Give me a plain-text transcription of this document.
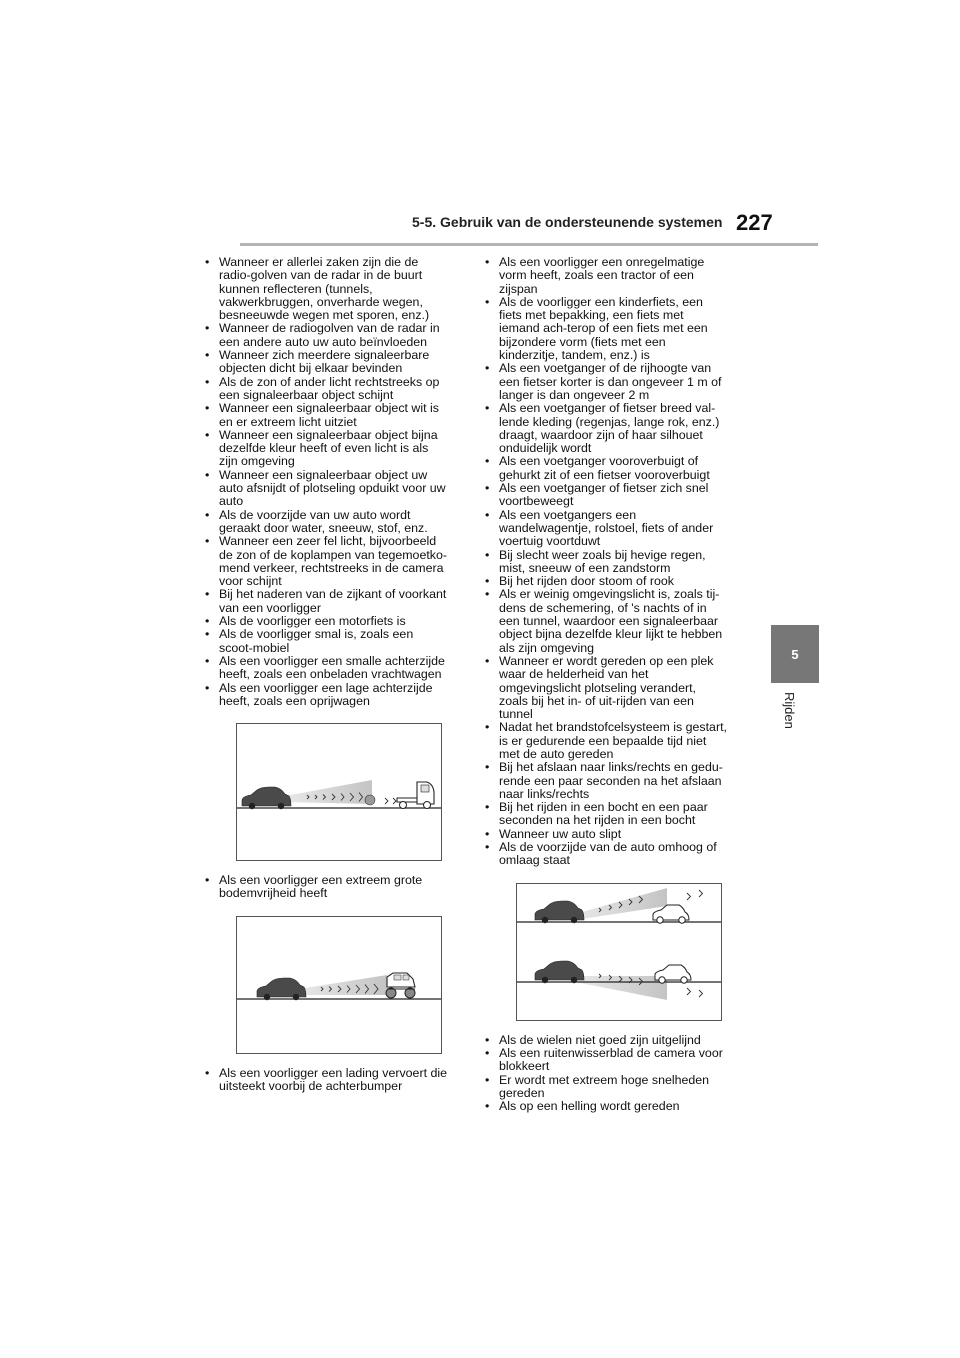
5-5. Gebruik van de ondersteunende systemen 227
5
Rijden
• Wanneer er allerlei zaken zijn die de radio-golven van de radar in de buurt kunnen reflecteren (tunnels, vakwerkbruggen, onverharde wegen, besneeuwde wegen met sporen, enz.)
• Wanneer de radiogolven van de radar in een andere auto uw auto beïnvloeden
• Wanneer zich meerdere signaleerbare objecten dicht bij elkaar bevinden
• Als de zon of ander licht rechtstreeks op een signaleerbaar object schijnt
• Wanneer een signaleerbaar object wit is en er extreem licht uitziet
• Wanneer een signaleerbaar object bijna dezelfde kleur heeft of even licht is als zijn omgeving
• Wanneer een signaleerbaar object uw auto afsnijdt of plotseling opduikt voor uw auto
• Als de voorzijde van uw auto wordt geraakt door water, sneeuw, stof, enz.
• Wanneer een zeer fel licht, bijvoorbeeld de zon of de koplampen van tegemoetko-mend verkeer, rechtstreeks in de camera voor schijnt
• Bij het naderen van de zijkant of voorkant van een voorligger
• Als de voorligger een motorfiets is
• Als de voorligger smal is, zoals een scoot-mobiel
• Als een voorligger een smalle achterzijde heeft, zoals een onbeladen vrachtwagen
• Als een voorligger een lage achterzijde heeft, zoals een oprijwagen
• Als een voorligger een extreem grote bodemvrijheid heeft
• Als een voorligger een lading vervoert die uitsteekt voorbij de achterbumper
• Als een voorligger een onregelmatige vorm heeft, zoals een tractor of een zijspan
• Als de voorligger een kinderfiets, een fiets met bepakking, een fiets met iemand ach-terop of een fiets met een bijzondere vorm (fiets met een kinderzitje, tandem, enz.) is
• Als een voetganger of de rijhoogte van een fietser korter is dan ongeveer 1 m of langer is dan ongeveer 2 m
• Als een voetganger of fietser breed val-lende kleding (regenjas, lange rok, enz.) draagt, waardoor zijn of haar silhouet onduidelijk wordt
• Als een voetganger vooroverbuigt of gehurkt zit of een fietser vooroverbuigt
• Als een voetganger of fietser zich snel voortbeweegt
• Als een voetgangers een wandelwagentje, rolstoel, fiets of ander voertuig voortduwt
• Bij slecht weer zoals bij hevige regen, mist, sneeuw of een zandstorm
• Bij het rijden door stoom of rook
• Als er weinig omgevingslicht is, zoals tij-dens de schemering, of 's nachts of in een tunnel, waardoor een signaleerbaar object bijna dezelfde kleur lijkt te hebben als zijn omgeving
• Wanneer er wordt gereden op een plek waar de helderheid van het omgevingslicht plotseling verandert, zoals bij het in- of uit-rijden van een tunnel
• Nadat het brandstofcelsysteem is gestart, is er gedurende een bepaalde tijd niet met de auto gereden
• Bij het afslaan naar links/rechts en gedu-rende een paar seconden na het afslaan naar links/rechts
• Bij het rijden in een bocht en een paar seconden na het rijden in een bocht
• Wanneer uw auto slipt
• Als de voorzijde van de auto omhoog of omlaag staat
• Als de wielen niet goed zijn uitgelijnd
• Als een ruitenwisserblad de camera voor blokkeert
• Er wordt met extreem hoge snelheden gereden
• Als op een helling wordt gereden
